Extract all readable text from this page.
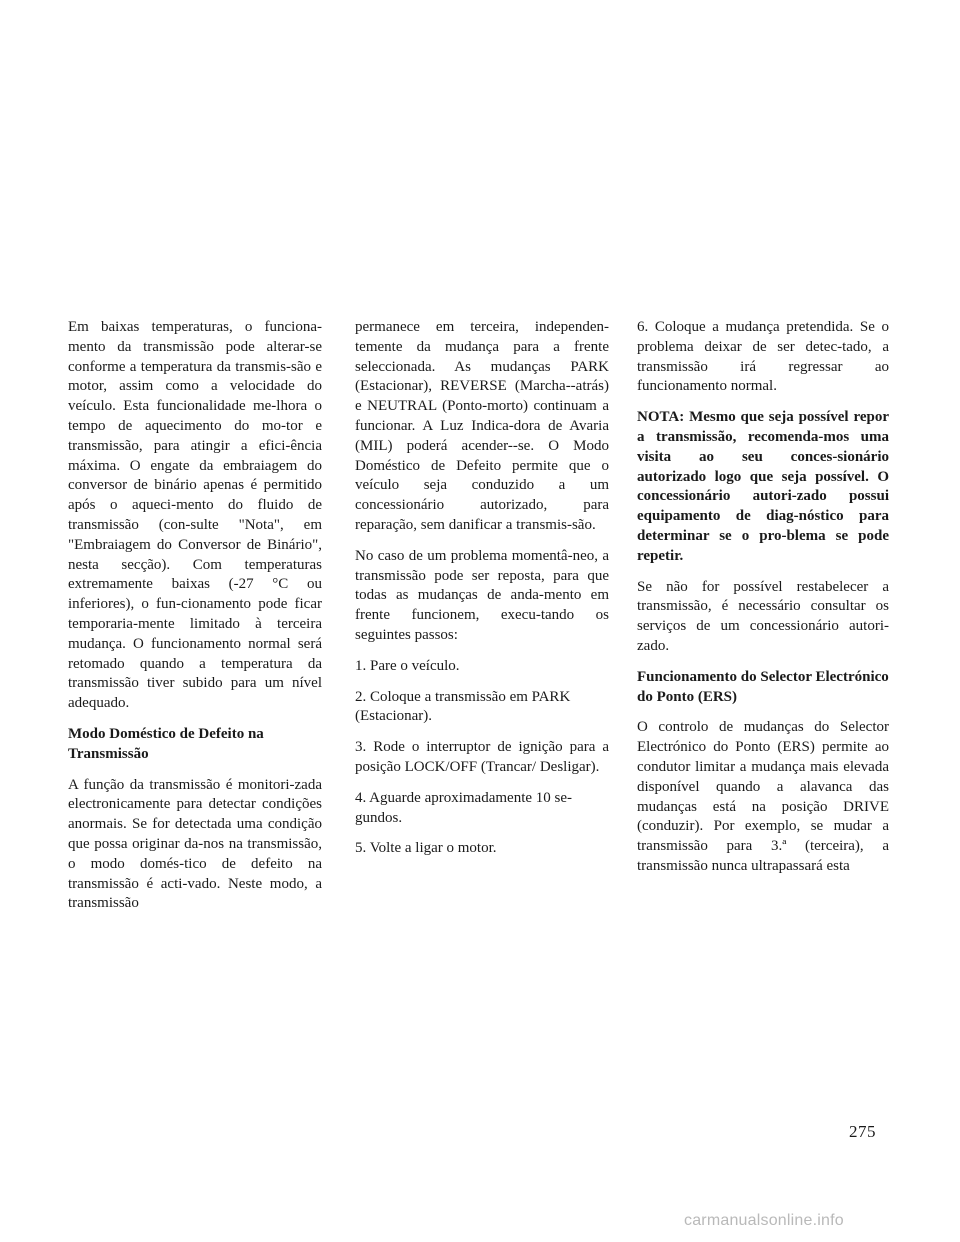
Em baixas temperaturas, o funciona-mento da transmissão pode alterar-se conforme a temperatura da transmis-são e motor, assim como a velocidade do veículo. Esta funcionalidade me-lhora o tempo de aquecimento do mo-tor e transmissão, para atingir a efici-ência máxima. O engate da embraiagem do conversor de binário apenas é permitido após o aqueci-mento do fluido de transmissão (con-sulte "Nota", em "Embraiagem do Conversor de Binário", nesta secção). Com temperaturas extremamente baixas (-27 °C ou inferiores), o fun-cionamento pode ficar temporaria-mente limitado à terceira mudança. O funcionamento normal será retomado quando a temperatura da transmissão tiver subido para um nível adequado.

Modo Doméstico de Defeito na Transmissão

A função da transmissão é monitori-zada electronicamente para detectar condições anormais. Se for detectada uma condição que possa originar da-nos na transmissão, o modo domés-tico de defeito na transmissão é acti-vado. Neste modo, a transmissão

permanece em terceira, independen-temente da mudança para a frente seleccionada. As mudanças PARK (Estacionar), REVERSE (Marcha--atrás) e NEUTRAL (Ponto-morto) continuam a funcionar. A Luz Indica-dora de Avaria (MIL) poderá acender--se. O Modo Doméstico de Defeito permite que o veículo seja conduzido a um concessionário autorizado, para reparação, sem danificar a transmis-são.

No caso de um problema momentâ-neo, a transmissão pode ser reposta, para que todas as mudanças de anda-mento em frente funcionem, execu-tando os seguintes passos:

1. Pare o veículo.

2. Coloque a transmissão em PARK (Estacionar).

3. Rode o interruptor de ignição para a posição LOCK/OFF (Trancar/ Desligar).

4. Aguarde aproximadamente 10 se-gundos.

5. Volte a ligar o motor.

6. Coloque a mudança pretendida. Se o problema deixar de ser detec-tado, a transmissão irá regressar ao funcionamento normal.

NOTA: Mesmo que seja possível repor a transmissão, recomenda-mos uma visita ao seu conces-sionário autorizado logo que seja possível. O concessionário autori-zado possui equipamento de diag-nóstico para determinar se o pro-blema se pode repetir.

Se não for possível restabelecer a transmissão, é necessário consultar os serviços de um concessionário autori-zado.

Funcionamento do Selector Electrónico do Ponto (ERS)

O controlo de mudanças do Selector Electrónico do Ponto (ERS) permite ao condutor limitar a mudança mais elevada disponível quando a alavanca das mudanças está na posição DRIVE (conduzir). Por exemplo, se mudar a transmissão para 3.ª (terceira), a transmissão nunca ultrapassará esta

275
carmanualsonline.info
